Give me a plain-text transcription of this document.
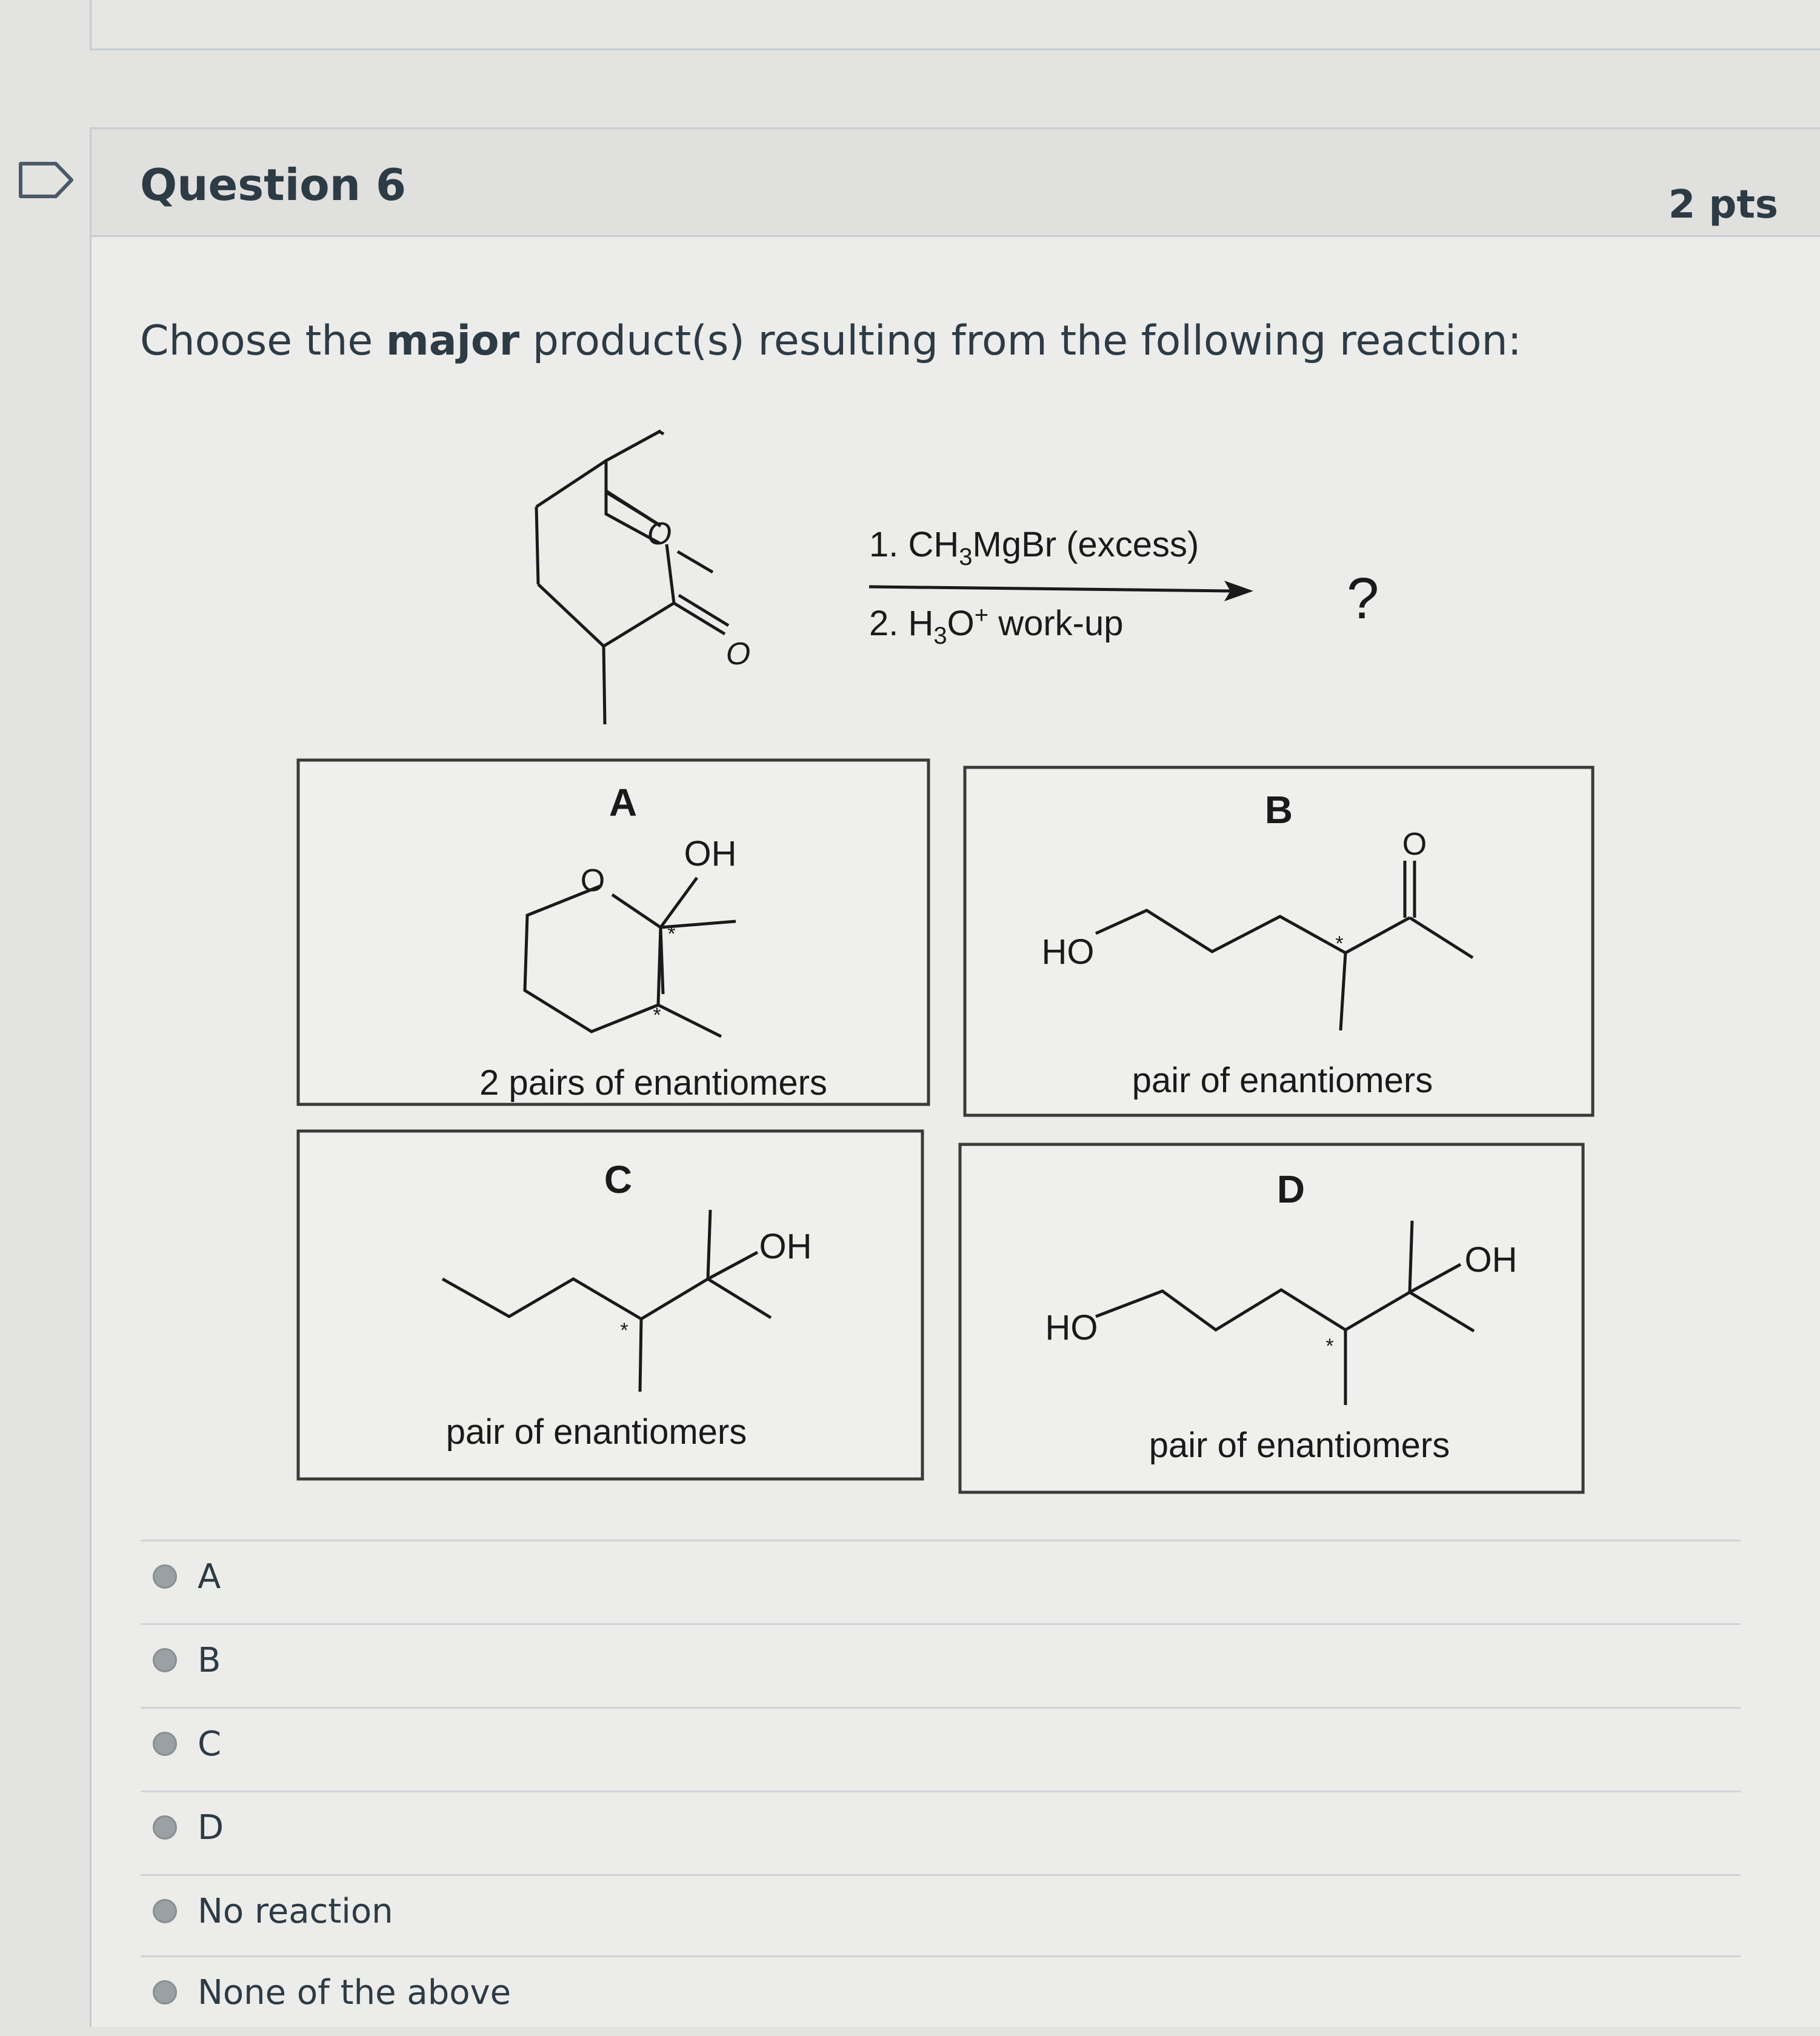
Question 6	2 pts
Choose the major product(s) resulting from the following reaction:
O
O
1. $CH_3MgBr$ (excess)
2. $H_3O^+$ work-up	?
A
OH
O
*
*
2 pairs of enantiomers
B
HO
O
*
pair of enantiomers
C
OH
*
pair of enantiomers
D
HO
OH
*
pair of enantiomers
A
B
C
D
No reaction
None of the above
